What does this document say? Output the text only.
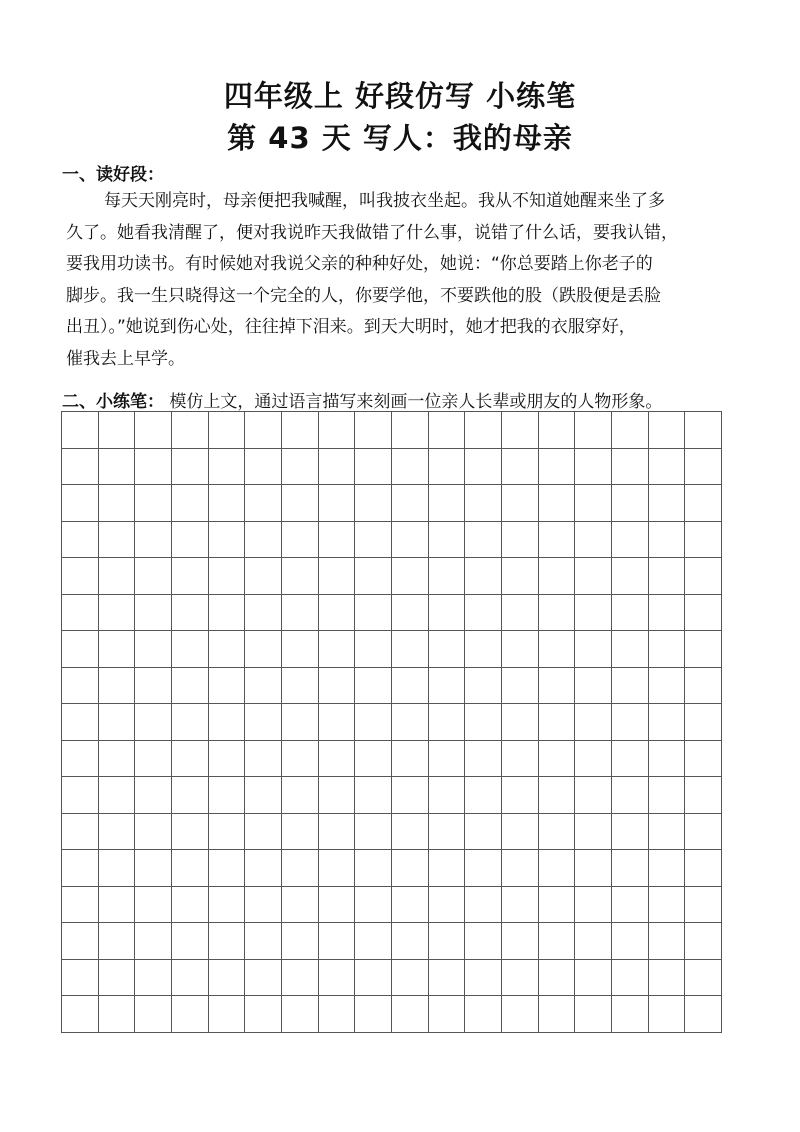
四年级上 好段仿写 小练笔
第 43 天 写人：我的母亲
一、读好段：
每天天刚亮时，母亲便把我喊醒，叫我披衣坐起。我从不知道她醒来坐了多
久了。她看我清醒了，便对我说昨天我做错了什么事，说错了什么话，要我认错，
要我用功读书。有时候她对我说父亲的种种好处，她说：“你总要踏上你老子的
脚步。我一生只晓得这一个完全的人，你要学他，不要跌他的股（跌股便是丢脸
出丑）。”她说到伤心处，往往掉下泪来。到天大明时，她才把我的衣服穿好，
催我去上早学。
二、小练笔： 模仿上文，通过语言描写来刻画一位亲人长辈或朋友的人物形象。
